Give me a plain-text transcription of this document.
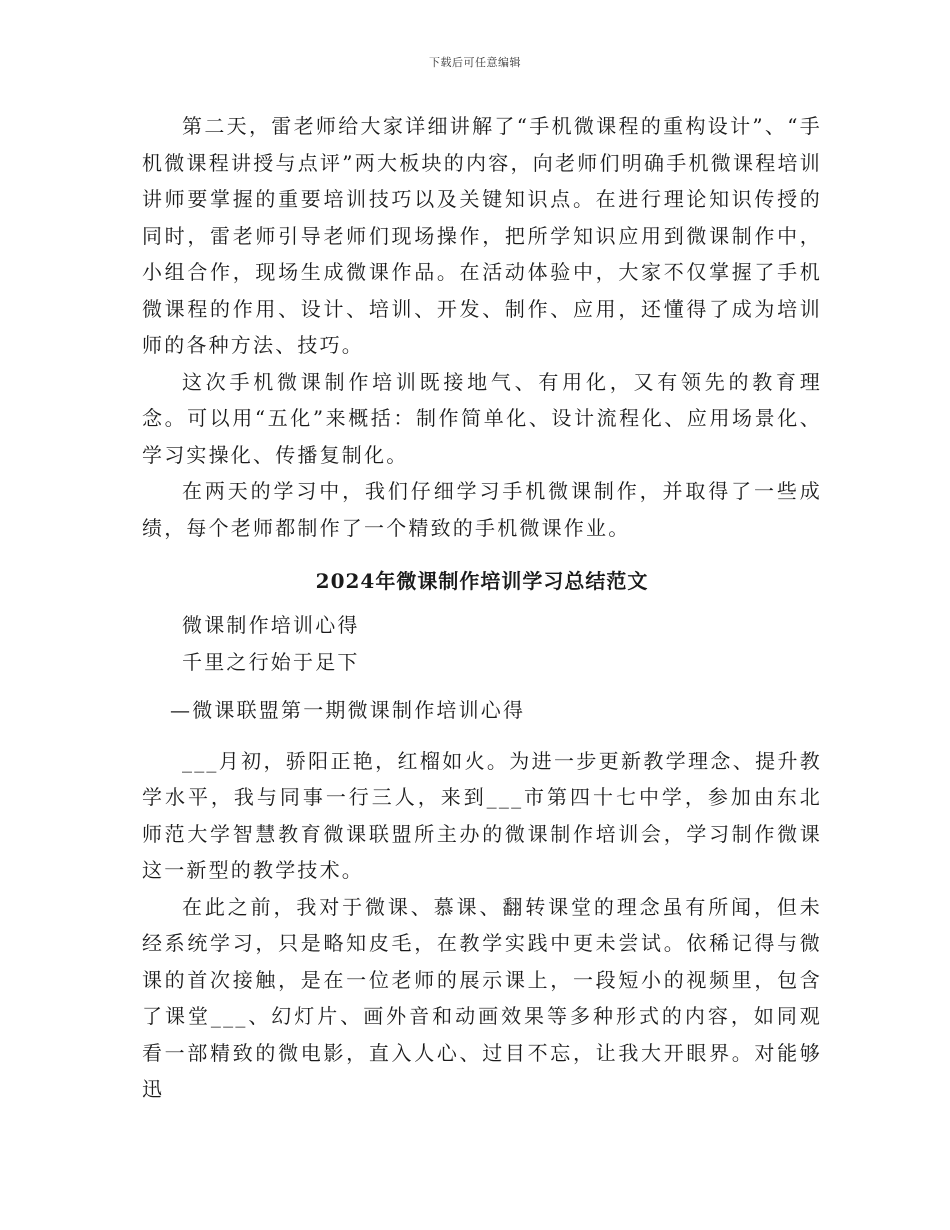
下载后可任意编辑

第二天，雷老师给大家详细讲解了“手机微课程的重构设计”、“手机微课程讲授与点评”两大板块的内容，向老师们明确手机微课程培训讲师要掌握的重要培训技巧以及关键知识点。在进行理论知识传授的同时，雷老师引导老师们现场操作，把所学知识应用到微课制作中，小组合作，现场生成微课作品。在活动体验中，大家不仅掌握了手机微课程的作用、设计、培训、开发、制作、应用，还懂得了成为培训师的各种方法、技巧。

这次手机微课制作培训既接地气、有用化，又有领先的教育理念。可以用“五化”来概括：制作简单化、设计流程化、应用场景化、学习实操化、传播复制化。

在两天的学习中，我们仔细学习手机微课制作，并取得了一些成绩，每个老师都制作了一个精致的手机微课作业。

2024年微课制作培训学习总结范文

微课制作培训心得

千里之行始于足下

—微课联盟第一期微课制作培训心得

___月初，骄阳正艳，红榴如火。为进一步更新教学理念、提升教学水平，我与同事一行三人，来到___市第四十七中学，参加由东北师范大学智慧教育微课联盟所主办的微课制作培训会，学习制作微课这一新型的教学技术。

在此之前，我对于微课、慕课、翻转课堂的理念虽有所闻，但未经系统学习，只是略知皮毛，在教学实践中更未尝试。依稀记得与微课的首次接触，是在一位老师的展示课上，一段短小的视频里，包含了课堂___、幻灯片、画外音和动画效果等多种形式的内容，如同观看一部精致的微电影，直入人心、过目不忘，让我大开眼界。对能够迅
